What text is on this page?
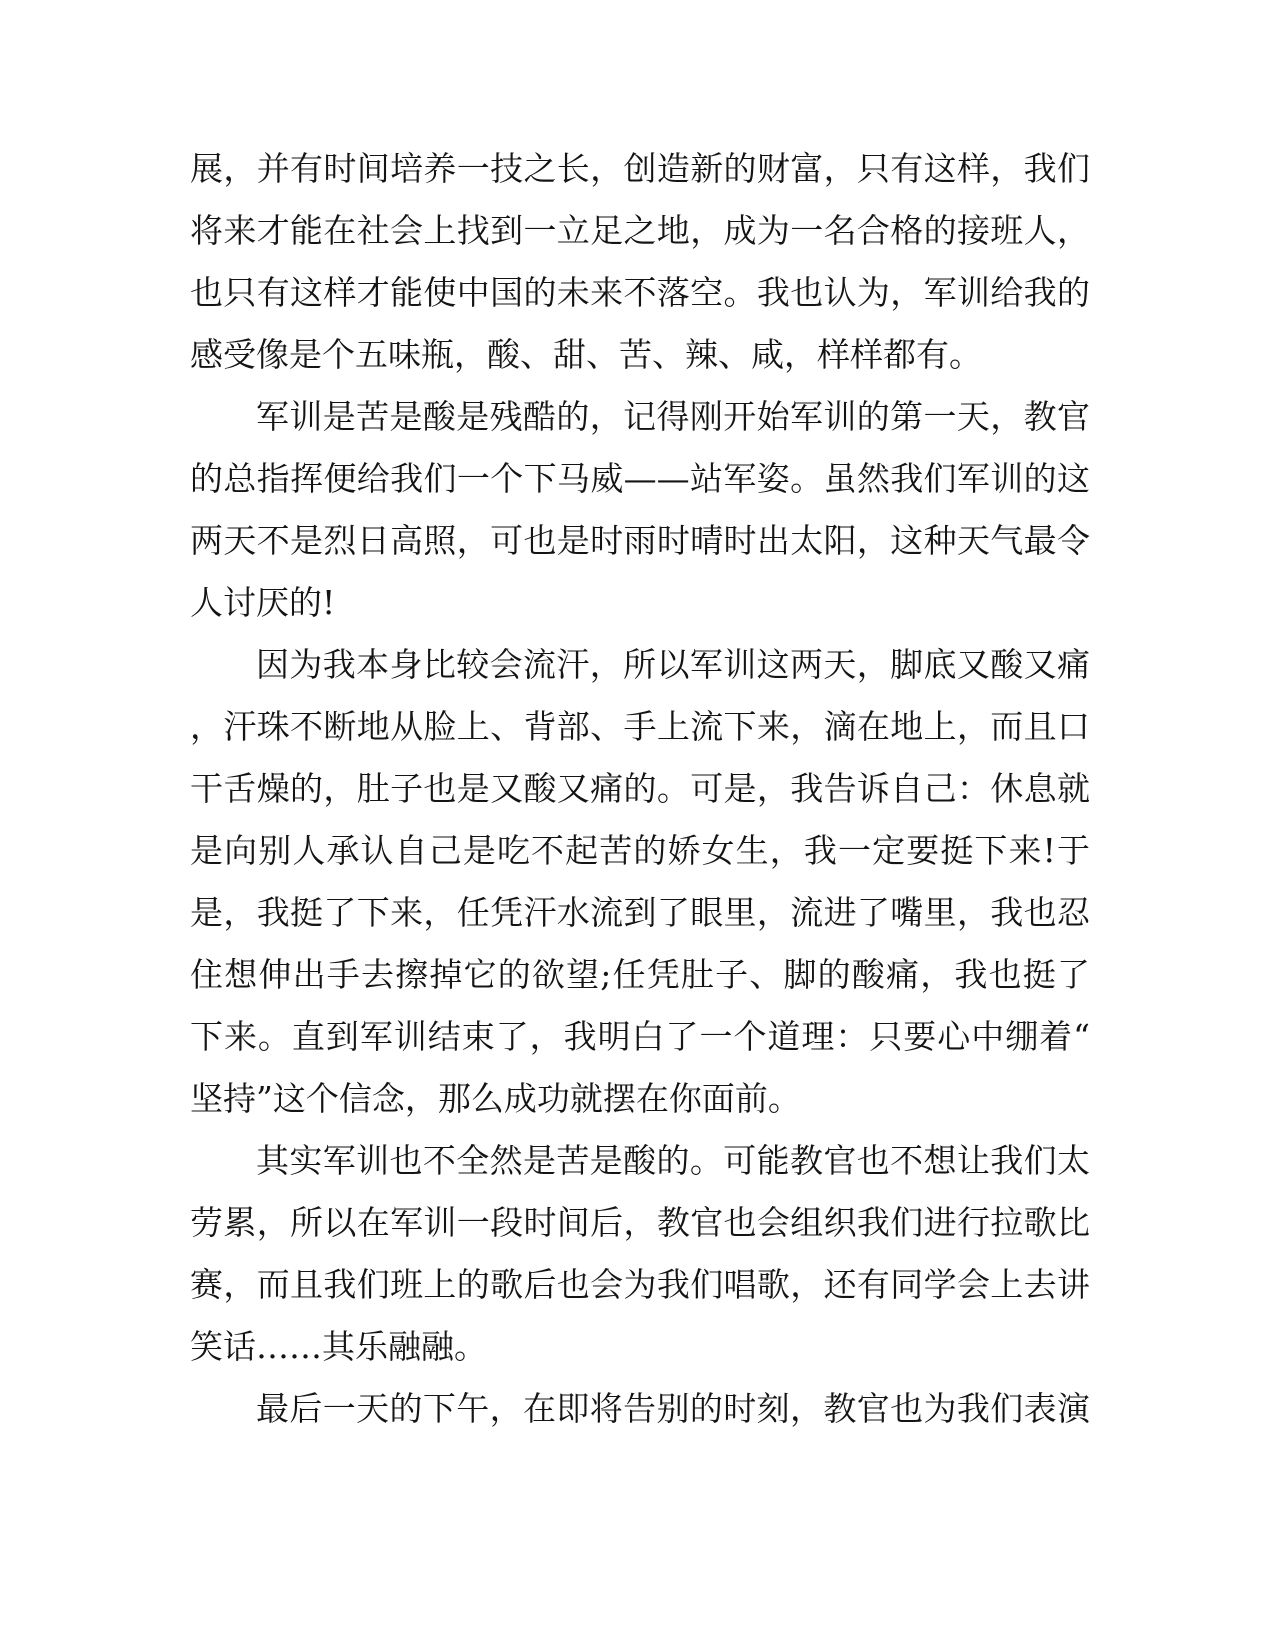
展，并有时间培养一技之长，创造新的财富，只有这样，我们
将来才能在社会上找到一立足之地，成为一名合格的接班人，
也只有这样才能使中国的未来不落空。我也认为，军训给我的
感受像是个五味瓶，酸、甜、苦、辣、咸，样样都有。
军训是苦是酸是残酷的，记得刚开始军训的第一天，教官
的总指挥便给我们一个下马威——站军姿。虽然我们军训的这
两天不是烈日高照，可也是时雨时晴时出太阳，这种天气最令
人讨厌的!
因为我本身比较会流汗，所以军训这两天，脚底又酸又痛
，汗珠不断地从脸上、背部、手上流下来，滴在地上，而且口
干舌燥的，肚子也是又酸又痛的。可是，我告诉自己：休息就
是向别人承认自己是吃不起苦的娇女生，我一定要挺下来!于
是，我挺了下来，任凭汗水流到了眼里，流进了嘴里，我也忍
住想伸出手去擦掉它的欲望;任凭肚子、脚的酸痛，我也挺了
下来。直到军训结束了，我明白了一个道理：只要心中绷着“
坚持”这个信念，那么成功就摆在你面前。
其实军训也不全然是苦是酸的。可能教官也不想让我们太
劳累，所以在军训一段时间后，教官也会组织我们进行拉歌比
赛，而且我们班上的歌后也会为我们唱歌，还有同学会上去讲
笑话……其乐融融。
最后一天的下午，在即将告别的时刻，教官也为我们表演
